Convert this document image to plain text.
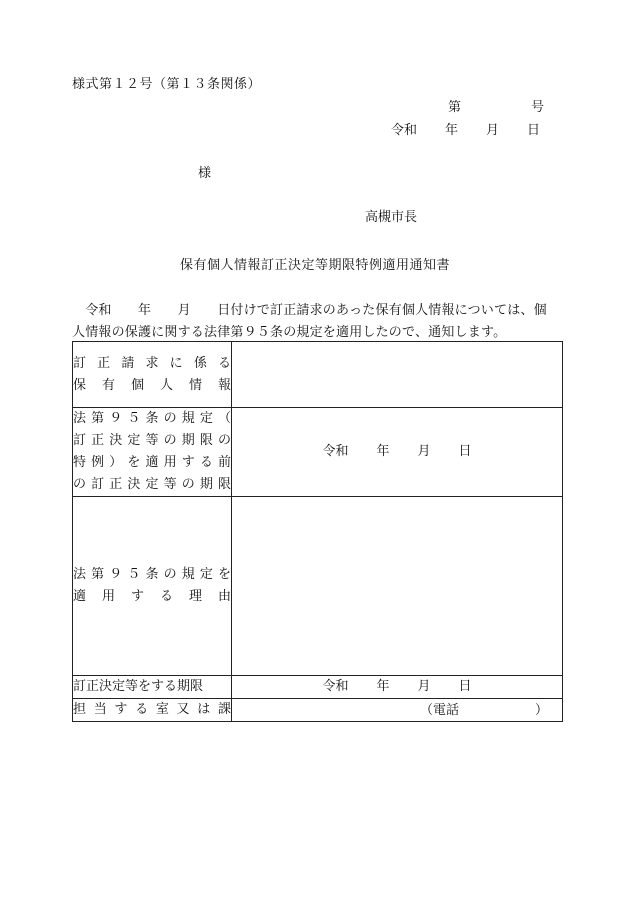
様式第１２号（第１３条関係）
第	号
令和 年 月 日
様
高槻市長
保有個人情報訂正決定等期限特例適用通知書
　令和　　年　　月　　日付けで訂正請求のあった保有個人情報については、個
人情報の保護に関する法律第９５条の規定を適用したので、通知します。
訂正請求に係る
保有個人情報	

法第９５条の規定（
訂正決定等の期限の
特例）を適用する前
の訂正決定等の期限	令和 年 月 日

法第９５条の規定を
適用する理由	

訂正決定等をする期限	令和 年 月 日

担当する室又は課	（電話 ）
